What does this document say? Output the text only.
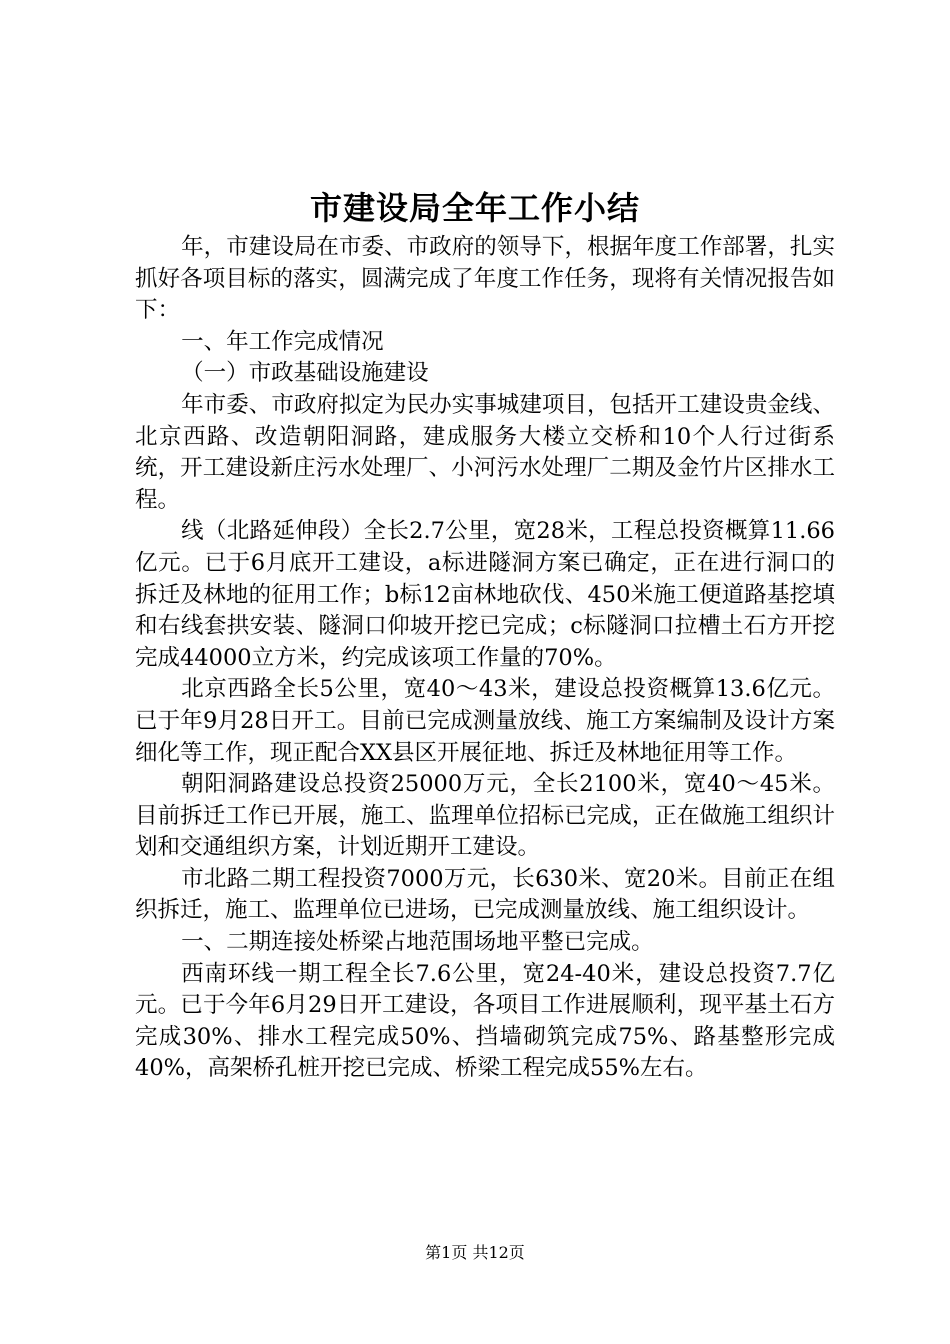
市建设局全年工作小结

年，市建设局在市委、市政府的领导下，根据年度工作部署，扎实抓好各项目标的落实，圆满完成了年度工作任务，现将有关情况报告如下：

一、年工作完成情况

（一）市政基础设施建设

年市委、市政府拟定为民办实事城建项目，包括开工建设贵金线、北京西路、改造朝阳洞路，建成服务大楼立交桥和10个人行过街系统，开工建设新庄污水处理厂、小河污水处理厂二期及金竹片区排水工程。

线（北路延伸段）全长2.7公里，宽28米，工程总投资概算11.66亿元。已于6月底开工建设，a标进隧洞方案已确定，正在进行洞口的拆迁及林地的征用工作；b标12亩林地砍伐、450米施工便道路基挖填和右线套拱安装、隧洞口仰坡开挖已完成；c标隧洞口拉槽土石方开挖完成44000立方米，约完成该项工作量的70%。

北京西路全长5公里，宽40～43米，建设总投资概算13.6亿元。已于年9月28日开工。目前已完成测量放线、施工方案编制及设计方案细化等工作，现正配合XX县区开展征地、拆迁及林地征用等工作。

朝阳洞路建设总投资25000万元，全长2100米，宽40～45米。目前拆迁工作已开展，施工、监理单位招标已完成，正在做施工组织计划和交通组织方案，计划近期开工建设。

市北路二期工程投资7000万元，长630米、宽20米。目前正在组织拆迁，施工、监理单位已进场，已完成测量放线、施工组织设计。

一、二期连接处桥梁占地范围场地平整已完成。

西南环线一期工程全长7.6公里，宽24-40米，建设总投资7.7亿元。已于今年6月29日开工建设，各项目工作进展顺利，现平基土石方完成30%、排水工程完成50%、挡墙砌筑完成75%、路基整形完成40%，高架桥孔桩开挖已完成、桥梁工程完成55%左右。

第1页 共12页
